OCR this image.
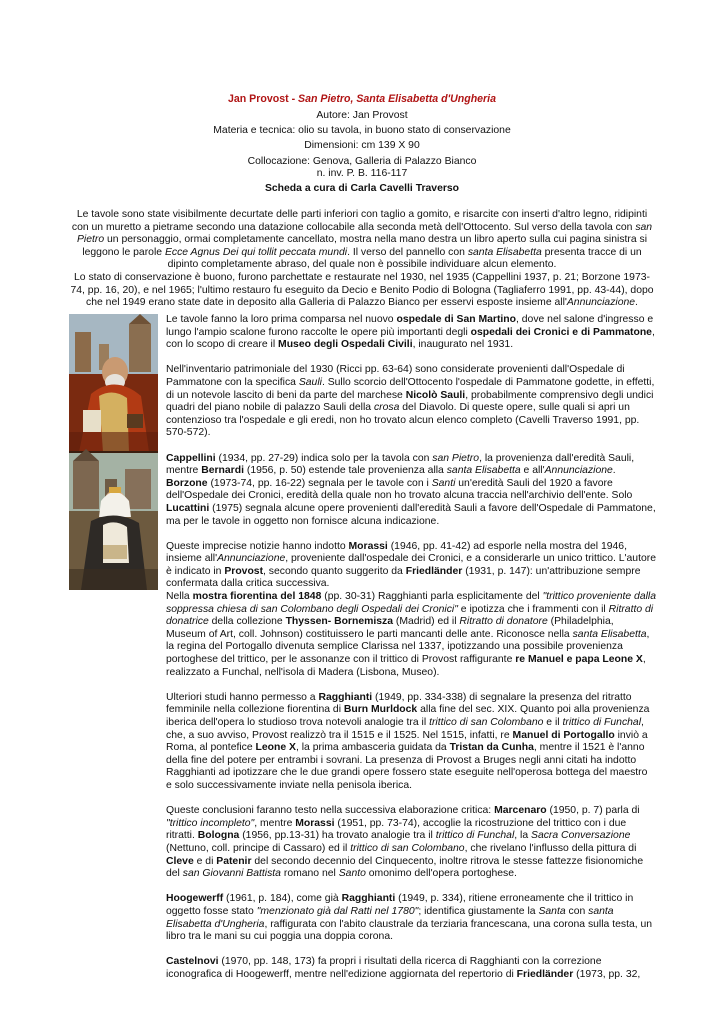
Jan Provost - San Pietro, Santa Elisabetta d'Ungheria
Autore: Jan Provost
Materia e tecnica: olio su tavola, in buono stato di conservazione
Dimensioni: cm 139 X 90
Collocazione: Genova, Galleria di Palazzo Bianco
n. inv. P. B. 116-117
Scheda a cura di Carla Cavelli Traverso

Le tavole sono state visibilmente decurtate delle parti inferiori con taglio a gomito, e risarcite con inserti d'altro legno, ridipinti con un muretto a pietrame secondo una datazione collocabile alla seconda metà dell'Ottocento. Sul verso della tavola con san Pietro un personaggio, ormai completamente cancellato, mostra nella mano destra un libro aperto sulla cui pagina sinistra si leggono le parole Ecce Agnus Dei qui tollit peccata mundi. Il verso del pannello con santa Elisabetta presenta tracce di un dipinto completamente abraso, del quale non è possibile individuare alcun elemento.

Lo stato di conservazione è buono, furono parchettate e restaurate nel 1930, nel 1935 (Cappellini 1937, p. 21; Borzone 1973-74, pp. 16, 20), e nel 1965; l'ultimo restauro fu eseguito da Decio e Benito Podio di Bologna (Tagliaferro 1991, pp. 43-44), dopo che nel 1949 erano state date in deposito alla Galleria di Palazzo Bianco per esservi esposte insieme all'Annunciazione.

Le tavole fanno la loro prima comparsa nel nuovo ospedale di San Martino, dove nel salone d'ingresso e lungo l'ampio scalone furono raccolte le opere più importanti degli ospedali dei Cronici e di Pammatone, con lo scopo di creare il Museo degli Ospedali Civili, inaugurato nel 1931.

Nell'inventario patrimoniale del 1930 (Ricci pp. 63-64) sono considerate provenienti dall'Ospedale di Pammatone con la specifica Sauli. Sullo scorcio dell'Ottocento l'ospedale di Pammatone godette, in effetti, di un notevole lascito di beni da parte del marchese Nicolò Sauli, probabilmente comprensivo degli undici quadri del piano nobile di palazzo Sauli della crosa del Diavolo. Di queste opere, sulle quali si apri un contenzioso tra l'ospedale e gli eredi, non ho trovato alcun elenco completo (Cavelli Traverso 1991, pp. 570-572).

Cappellini (1934, pp. 27-29) indica solo per la tavola con san Pietro, la provenienza dall'eredità Sauli, mentre Bernardi (1956, p. 50) estende tale provenienza alla santa Elisabetta e all'Annunciazione. Borzone (1973-74, pp. 16-22) segnala per le tavole con i Santi un'eredità Sauli del 1920 a favore dell'Ospedale dei Cronici, eredità della quale non ho trovato alcuna traccia nell'archivio dell'ente. Solo Lucattini (1975) segnala alcune opere provenienti dall'eredità Sauli a favore dell'Ospedale di Pammatone, ma per le tavole in oggetto non fornisce alcuna indicazione.

Queste imprecise notizie hanno indotto Morassi (1946, pp. 41-42) ad esporle nella mostra del 1946, insieme all'Annunciazione, proveniente dall'ospedale dei Cronici, e a considerarle un unico trittico. L'autore è indicato in Provost, secondo quanto suggerito da Friedländer (1931, p. 147): un'attribuzione sempre confermata dalla critica successiva.
Nella mostra fiorentina del 1848 (pp. 30-31) Ragghianti parla esplicitamente del "trittico proveniente dalla soppressa chiesa di san Colombano degli Ospedali dei Cronici" e ipotizza che i frammenti con il Ritratto di donatrice della collezione Thyssen- Bornemisza (Madrid) ed il Ritratto di donatore (Philadelphia, Museum of Art, coll. Johnson) costituissero le parti mancanti delle ante. Riconosce nella santa Elisabetta, la regina del Portogallo divenuta semplice Clarissa nel 1337, ipotizzando una possibile provenienza portoghese del trittico, per le assonanze con il trittico di Provost raffigurante re Manuel e papa Leone X, realizzato a Funchal, nell'isola di Madera (Lisbona, Museo).

Ulteriori studi hanno permesso a Ragghianti (1949, pp. 334-338) di segnalare la presenza del ritratto femminile nella collezione fiorentina di Burn Murldock alla fine del sec. XIX. Quanto poi alla provenienza iberica dell'opera lo studioso trova notevoli analogie tra il trittico di san Colombano e il trittico di Funchal, che, a suo avviso, Provost realizzò tra il 1515 e il 1525. Nel 1515, infatti, re Manuel di Portogallo inviò a Roma, al pontefice Leone X, la prima ambasceria guidata da Tristan da Cunha, mentre il 1521 è l'anno della fine del potere per entrambi i sovrani. La presenza di Provost a Bruges negli anni citati ha indotto Ragghianti ad ipotizzare che le due grandi opere fossero state eseguite nell'operosa bottega del maestro e solo successivamente inviate nella penisola iberica.

Queste conclusioni faranno testo nella successiva elaborazione critica: Marcenaro (1950, p. 7) parla di "trittico incompleto", mentre Morassi (1951, pp. 73-74), accoglie la ricostruzione del trittico con i due ritratti. Bologna (1956, pp.13-31) ha trovato analogie tra il trittico di Funchal, la Sacra Conversazione (Nettuno, coll. principe di Cassaro) ed il trittico di san Colombano, che rivelano l'influsso della pittura di Cleve e di Patenir del secondo decennio del Cinquecento, inoltre ritrova le stesse fattezze fisionomiche del san Giovanni Battista romano nel Santo omonimo dell'opera portoghese.

Hoogewerff (1961, p. 184), come già Ragghianti (1949, p. 334), ritiene erroneamente che il trittico in oggetto fosse stato "menzionato già dal Ratti nel 1780"; identifica giustamente la Santa con santa Elisabetta d'Ungheria, raffigurata con l'abito claustrale da terziaria francescana, una corona sulla testa, un libro tra le mani su cui poggia una doppia corona.

Castelnovi (1970, pp. 148, 173) fa propri i risultati della ricerca di Ragghianti con la correzione iconografica di Hoogewerff, mentre nell'edizione aggiornata del repertorio di Friedländer (1973, pp. 32,
